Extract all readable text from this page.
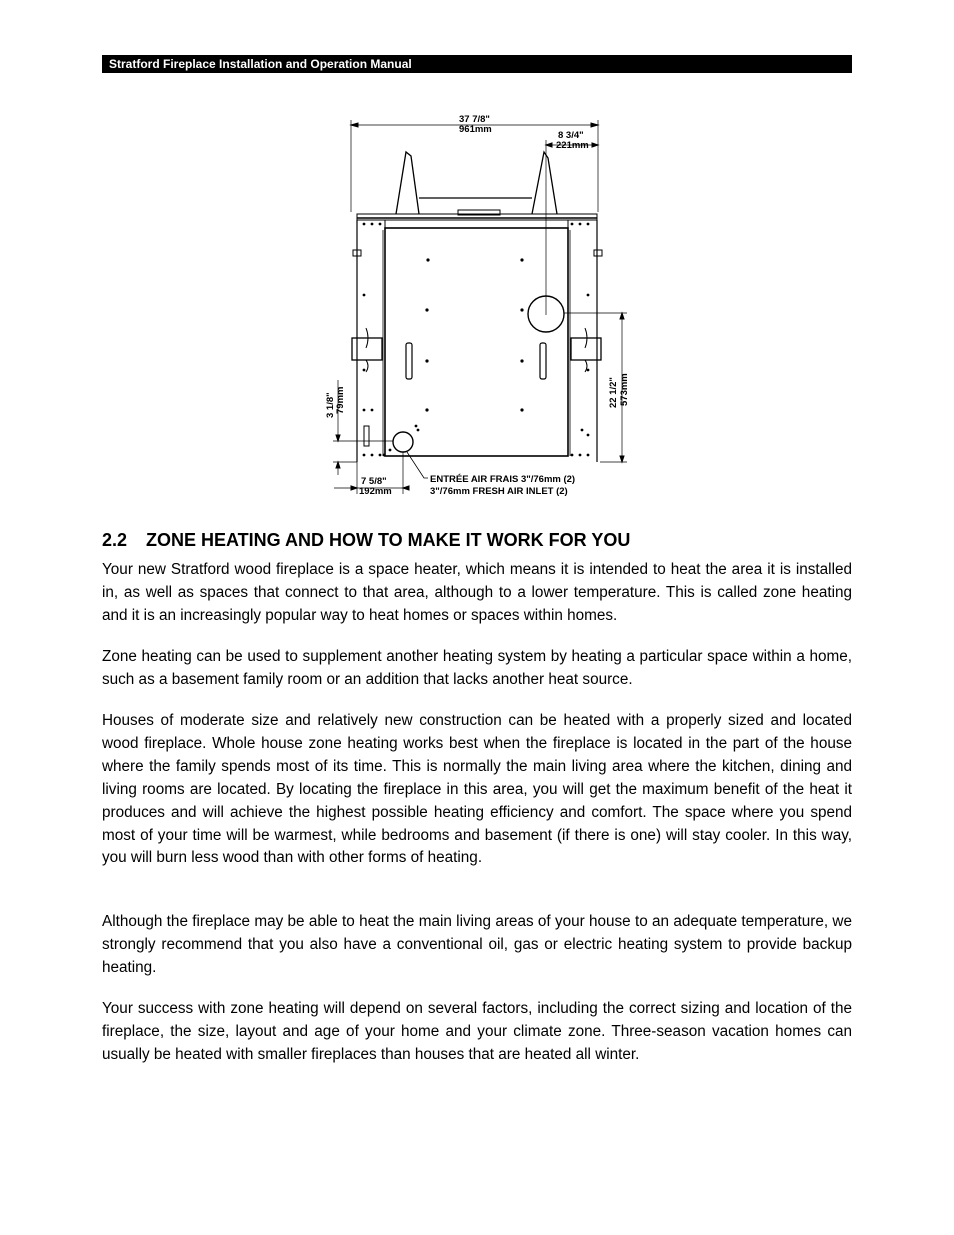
Stratford Fireplace Installation and Operation Manual
37 7/8"
961mm
8 3/4"
221mm
3 1/8" 79mm	22 1/2" 573mm
7 5/8"
192mm
ENTRÉE AIR FRAIS 3"/76mm (2)
3"/76mm FRESH AIR INLET (2)
2.2 ZONE HEATING AND HOW TO MAKE IT WORK FOR YOU

Your new Stratford wood fireplace is a space heater, which means it is intended to heat the area it is installed in, as well as spaces that connect to that area, although to a lower temperature. This is called zone heating and it is an increasingly popular way to heat homes or spaces within homes.

Zone heating can be used to supplement another heating system by heating a particular space within a home, such as a basement family room or an addition that lacks another heat source.

Houses of moderate size and relatively new construction can be heated with a properly sized and located wood fireplace. Whole house zone heating works best when the fireplace is located in the part of the house where the family spends most of its time. This is normally the main living area where the kitchen, dining and living rooms are located. By locating the fireplace in this area, you will get the maximum benefit of the heat it produces and will achieve the highest possible heating efficiency and comfort. The space where you spend most of your time will be warmest, while bedrooms and basement (if there is one) will stay cooler. In this way, you will burn less wood than with other forms of heating.

Although the fireplace may be able to heat the main living areas of your house to an adequate temperature, we strongly recommend that you also have a conventional oil, gas or electric heating system to provide backup heating.

Your success with zone heating will depend on several factors, including the correct sizing and location of the fireplace, the size, layout and age of your home and your climate zone. Three-season vacation homes can usually be heated with smaller fireplaces than houses that are heated all winter.
